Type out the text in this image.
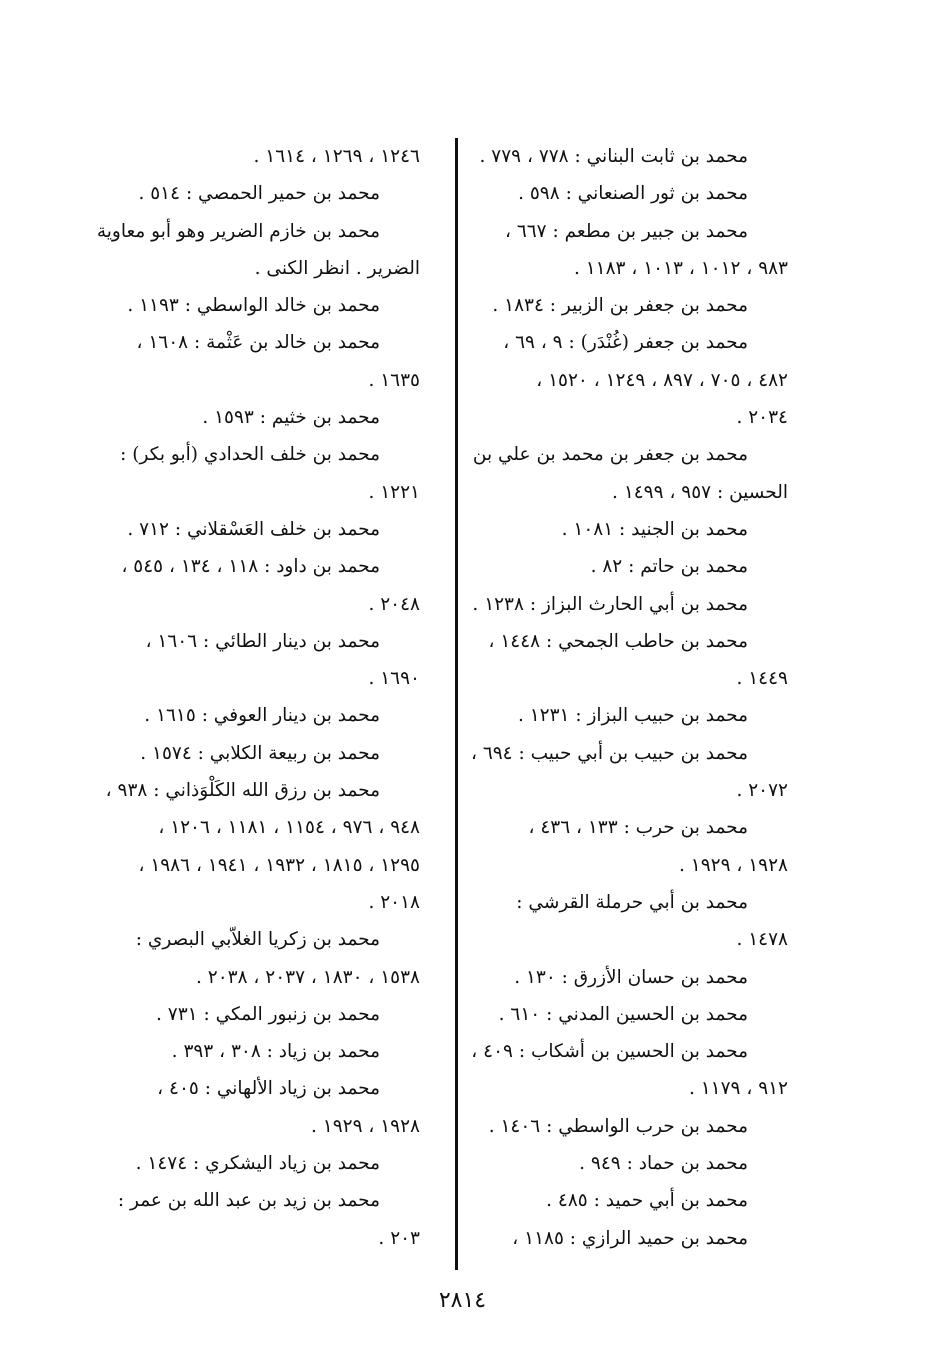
محمد بن ثابت البناني : ٧٧٨ ، ٧٧٩ .
محمد بن ثور الصنعاني : ٥٩٨ .
محمد بن جبير بن مطعم : ٦٦٧ ،
٩٨٣ ، ١٠١٢ ، ١٠١٣ ، ١١٨٣ .
محمد بن جعفر بن الزبير : ١٨٣٤ .
محمد بن جعفر (غُنْدَر) : ٩ ، ٦٩ ،
٤٨٢ ، ٧٠٥ ، ٨٩٧ ، ١٢٤٩ ، ١٥٢٠ ،
٢٠٣٤ .
محمد بن جعفر بن محمد بن علي بن
الحسين : ٩٥٧ ، ١٤٩٩ .
محمد بن الجنيد : ١٠٨١ .
محمد بن حاتم : ٨٢ .
محمد بن أبي الحارث البزاز : ١٢٣٨ .
محمد بن حاطب الجمحي : ١٤٤٨ ،
١٤٤٩ .
محمد بن حبيب البزاز : ١٢٣١ .
محمد بن حبيب بن أبي حبيب : ٦٩٤ ،
٢٠٧٢ .
محمد بن حرب : ١٣٣ ، ٤٣٦ ،
١٩٢٨ ، ١٩٢٩ .
محمد بن أبي حرملة القرشي :
١٤٧٨ .
محمد بن حسان الأزرق : ١٣٠ .
محمد بن الحسين المدني : ٦١٠ .
محمد بن الحسين بن أشكاب : ٤٠٩ ،
٩١٢ ، ١١٧٩ .
محمد بن حرب الواسطي : ١٤٠٦ .
محمد بن حماد : ٩٤٩ .
محمد بن أبي حميد : ٤٨٥ .
محمد بن حميد الرازي : ١١٨٥ ،
١٢٤٦ ، ١٢٦٩ ، ١٦١٤ .
محمد بن حمير الحمصي : ٥١٤ .
محمد بن خازم الضرير وهو أبو معاوية
الضرير . انظر الكنى .
محمد بن خالد الواسطي : ١١٩٣ .
محمد بن خالد بن عَثْمة : ١٦٠٨ ،
١٦٣٥ .
محمد بن خثيم : ١٥٩٣ .
محمد بن خلف الحدادي (أبو بكر) :
١٢٢١ .
محمد بن خلف العَسْقلاني : ٧١٢ .
محمد بن داود : ١١٨ ، ١٣٤ ، ٥٤٥ ،
٢٠٤٨ .
محمد بن دينار الطائي : ١٦٠٦ ،
١٦٩٠ .
محمد بن دينار العوفي : ١٦١٥ .
محمد بن ربيعة الكلابي : ١٥٧٤ .
محمد بن رزق الله الكَلْوَذاني : ٩٣٨ ،
٩٤٨ ، ٩٧٦ ، ١١٥٤ ، ١١٨١ ، ١٢٠٦ ،
١٢٩٥ ، ١٨١٥ ، ١٩٣٢ ، ١٩٤١ ، ١٩٨٦ ،
٢٠١٨ .
محمد بن زكريا الغلاّبي البصري :
١٥٣٨ ، ١٨٣٠ ، ٢٠٣٧ ، ٢٠٣٨ .
محمد بن زنبور المكي : ٧٣١ .
محمد بن زياد : ٣٠٨ ، ٣٩٣ .
محمد بن زياد الألهاني : ٤٠٥ ،
١٩٢٨ ، ١٩٢٩ .
محمد بن زياد اليشكري : ١٤٧٤ .
محمد بن زيد بن عبد الله بن عمر :
٢٠٣ .
٢٨١٤
